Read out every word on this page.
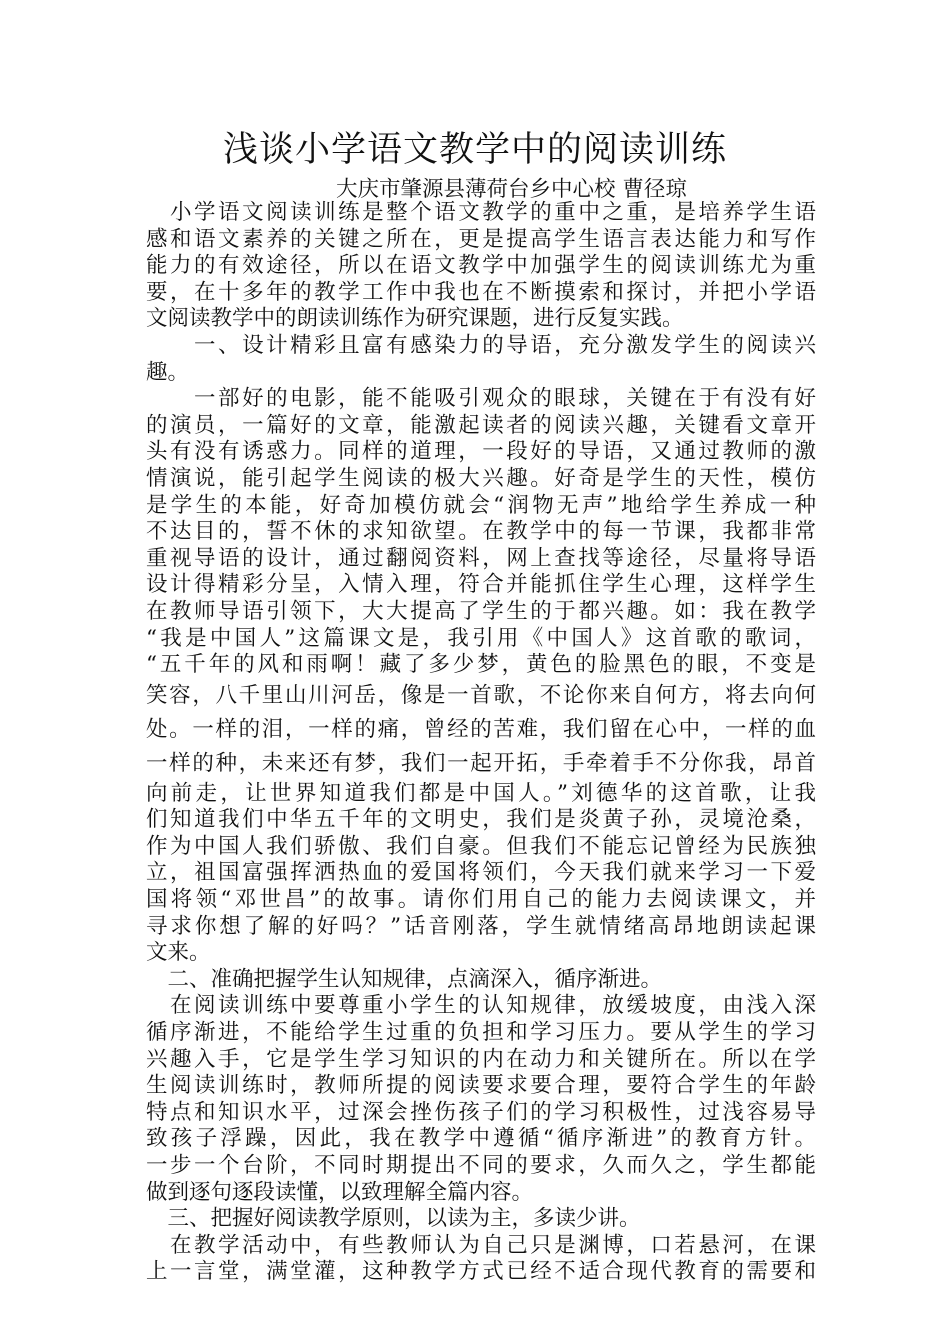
浅谈小学语文教学中的阅读训练
大庆市肇源县薄荷台乡中心校 曹径琼
　小学语文阅读训练是整个语文教学的重中之重，是培养学生语
感和语文素养的关键之所在，更是提高学生语言表达能力和写作
能力的有效途径，所以在语文教学中加强学生的阅读训练尤为重
要，在十多年的教学工作中我也在不断摸索和探讨，并把小学语
文阅读教学中的朗读训练作为研究课题，进行反复实践。
　　一、设计精彩且富有感染力的导语，充分激发学生的阅读兴
趣。
　　一部好的电影，能不能吸引观众的眼球，关键在于有没有好
的演员，一篇好的文章，能激起读者的阅读兴趣，关键看文章开
头有没有诱惑力。同样的道理，一段好的导语，又通过教师的激
情演说，能引起学生阅读的极大兴趣。好奇是学生的天性，模仿
是学生的本能，好奇加模仿就会“润物无声”地给学生养成一种
不达目的，誓不休的求知欲望。在教学中的每一节课，我都非常
重视导语的设计，通过翻阅资料，网上查找等途径，尽量将导语
设计得精彩分呈，入情入理，符合并能抓住学生心理，这样学生
在教师导语引领下，大大提高了学生的于都兴趣。如：我在教学
“我是中国人”这篇课文是，我引用《中国人》这首歌的歌词，
“五千年的风和雨啊！藏了多少梦，黄色的脸黑色的眼，不变是
笑容，八千里山川河岳，像是一首歌，不论你来自何方，将去向何
处。一样的泪，一样的痛，曾经的苦难，我们留在心中，一样的血
一样的种，未来还有梦，我们一起开拓，手牵着手不分你我，昂首
向前走，让世界知道我们都是中国人。”刘德华的这首歌，让我
们知道我们中华五千年的文明史，我们是炎黄子孙，灵境沧桑，
作为中国人我们骄傲、我们自豪。但我们不能忘记曾经为民族独
立，祖国富强挥洒热血的爱国将领们，今天我们就来学习一下爱
国将领“邓世昌”的故事。请你们用自己的能力去阅读课文，并
寻求你想了解的好吗？”话音刚落，学生就情绪高昂地朗读起课
文来。
　二、准确把握学生认知规律，点滴深入，循序渐进。
　在阅读训练中要尊重小学生的认知规律，放缓坡度，由浅入深
循序渐进，不能给学生过重的负担和学习压力。要从学生的学习
兴趣入手，它是学生学习知识的内在动力和关键所在。所以在学
生阅读训练时，教师所提的阅读要求要合理，要符合学生的年龄
特点和知识水平，过深会挫伤孩子们的学习积极性，过浅容易导
致孩子浮躁，因此，我在教学中遵循“循序渐进”的教育方针。
一步一个台阶，不同时期提出不同的要求，久而久之，学生都能
做到逐句逐段读懂，以致理解全篇内容。
　三、把握好阅读教学原则，以读为主，多读少讲。
　在教学活动中，有些教师认为自己只是渊博，口若悬河，在课
上一言堂，满堂灌，这种教学方式已经不适合现代教育的需要和
